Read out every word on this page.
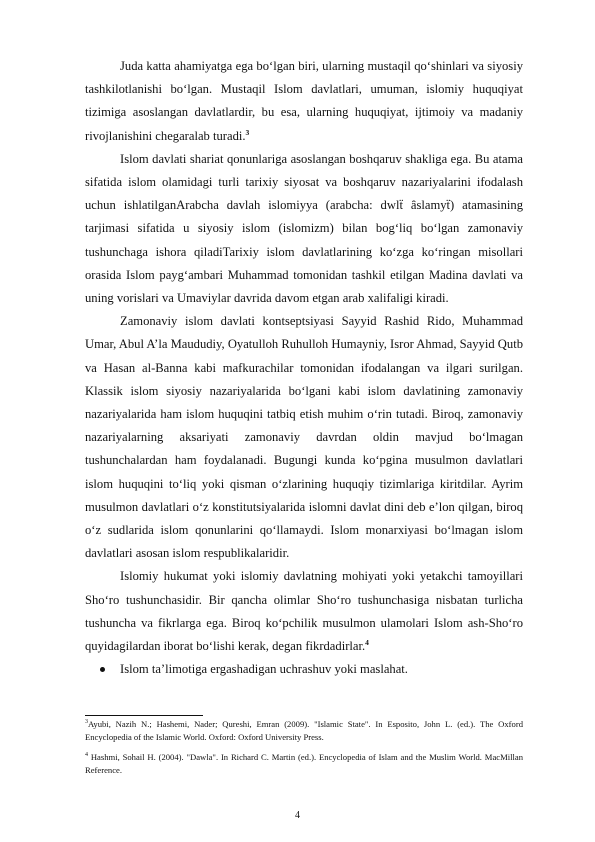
Juda katta ahamiyatga ega bo‘lgan biri, ularning mustaqil qo‘shinlari va siyosiy tashkilotlanishi bo‘lgan. Mustaqil Islom davlatlari, umuman, islomiy huquqiyat tizimiga asoslangan davlatlardir, bu esa, ularning huquqiyat, ijtimoiy va madaniy rivojlanishini chegaralab turadi.$^3$

Islom davlati shariat qonunlariga asoslangan boshqaruv shakliga ega. Bu atama sifatida islom olamidagi turli tarixiy siyosat va boshqaruv nazariyalarini ifodalash uchun ishlatilganArabcha davlah islomiyya (arabcha: dwlẗ ȃslamyẗ) atamasining tarjimasi sifatida u siyosiy islom (islomizm) bilan bog‘liq bo‘lgan zamonaviy tushunchaga ishora qiladiTarixiy islom davlatlarining ko‘zga ko‘ringan misollari orasida Islom payg‘ambari Muhammad tomonidan tashkil etilgan Madina davlati va uning vorislari va Umaviylar davrida davom etgan arab xalifaligi kiradi.

Zamonaviy islom davlati kontseptsiyasi Sayyid Rashid Rido, Muhammad Umar, Abul A’la Maududiy, Oyatulloh Ruhulloh Humayniy, Isror Ahmad, Sayyid Qutb va Hasan al-Banna kabi mafkurachilar tomonidan ifodalangan va ilgari surilgan. Klassik islom siyosiy nazariyalarida bo‘lgani kabi islom davlatining zamonaviy nazariyalarida ham islom huquqini tatbiq etish muhim o‘rin tutadi. Biroq, zamonaviy nazariyalarning aksariyati zamonaviy davrdan oldin mavjud bo‘lmagan tushunchalardan ham foydalanadi. Bugungi kunda ko‘pgina musulmon davlatlari islom huquqini to‘liq yoki qisman o‘zlarining huquqiy tizimlariga kiritdilar. Ayrim musulmon davlatlari o‘z konstitutsiyalarida islomni davlat dini deb e’lon qilgan, biroq o‘z sudlarida islom qonunlarini qo‘llamaydi. Islom monarxiyasi bo‘lmagan islom davlatlari asosan islom respublikalaridir.

Islomiy hukumat yoki islomiy davlatning mohiyati yoki yetakchi tamoyillari Sho‘ro tushunchasidir. Bir qancha olimlar Sho‘ro tushunchasiga nisbatan turlicha tushuncha va fikrlarga ega. Biroq ko‘pchilik musulmon ulamolari Islom ash-Sho‘ro quyidagilardan iborat bo‘lishi kerak, degan fikrdadirlar.$^4$

Islom ta’limotiga ergashadigan uchrashuv yoki maslahat.

$^3$Ayubi, Nazih N.; Hashemi, Nader; Qureshi, Emran (2009). "Islamic State". In Esposito, John L. (ed.). The Oxford Encyclopedia of the Islamic World. Oxford: Oxford University Press.

$^4$ Hashmi, Sohail H. (2004). "Dawla". In Richard C. Martin (ed.). Encyclopedia of Islam and the Muslim World. MacMillan Reference.

4
